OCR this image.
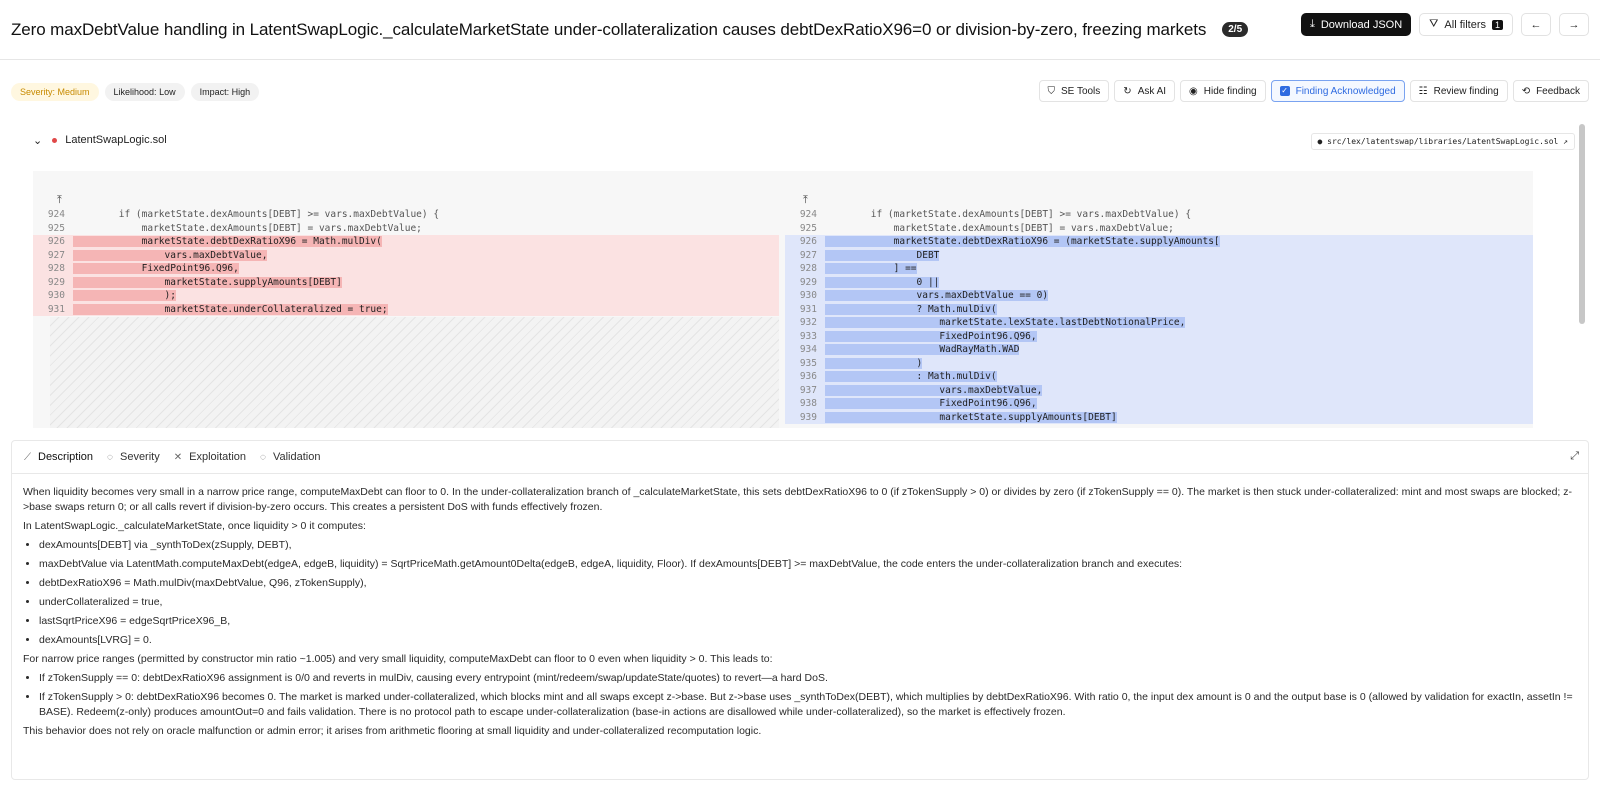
Zero maxDebtValue handling in LatentSwapLogic._calculateMarketState under-collateralization causes debtDexRatioX96=0 or division-by-zero, freezing markets	2/5	⤓ Download JSON ⛛ All filters	1	← →
Severity: Medium	Likelihood: Low	Impact: High	⛉ SE Tools ↻ Ask AI ◉ Hide finding	✓ Finding Acknowledged ☷ Review finding ⟲ Feedback
⌄ LatentSwapLogic.sol	● src/lex/latentswap/libraries/LatentSwapLogic.sol ↗
⤒
924        if (marketState.dexAmounts[DEBT] >= vars.maxDebtValue) {
925            marketState.dexAmounts[DEBT] = vars.maxDebtValue;
926            marketState.debtDexRatioX96 = Math.mulDiv(
927                vars.maxDebtValue,
928            FixedPoint96.Q96,
929                marketState.supplyAmounts[DEBT]
930                );
931                marketState.underCollateralized = true;
⤒
924        if (marketState.dexAmounts[DEBT] >= vars.maxDebtValue) {
925            marketState.dexAmounts[DEBT] = vars.maxDebtValue;
926            marketState.debtDexRatioX96 = (marketState.supplyAmounts[
927                DEBT
928            ] ==
929                0 ||
930                vars.maxDebtValue == 0)
931                ? Math.mulDiv(
932                    marketState.lexState.lastDebtNotionalPrice,
933                    FixedPoint96.Q96,
934                    WadRayMath.WAD
935                )
936                : Math.mulDiv(
937                    vars.maxDebtValue,
938                    FixedPoint96.Q96,
939                    marketState.supplyAmounts[DEBT]
⟋ Description ◌ Severity ✕ Exploitation ◌ Validation	⤢

When liquidity becomes very small in a narrow price range, computeMaxDebt can floor to 0. In the under-collateralization branch of _calculateMarketState, this sets debtDexRatioX96 to 0 (if zTokenSupply > 0) or divides by zero (if zTokenSupply == 0). The market is then stuck under-collateralized: mint and most swaps are blocked; z->base swaps return 0; or all calls revert if division-by-zero occurs. This creates a persistent DoS with funds effectively frozen.

In LatentSwapLogic._calculateMarketState, once liquidity > 0 it computes:

• dexAmounts[DEBT] via _synthToDex(zSupply, DEBT),
• maxDebtValue via LatentMath.computeMaxDebt(edgeA, edgeB, liquidity) = SqrtPriceMath.getAmount0Delta(edgeB, edgeA, liquidity, Floor). If dexAmounts[DEBT] >= maxDebtValue, the code enters the under-collateralization branch and executes:
• debtDexRatioX96 = Math.mulDiv(maxDebtValue, Q96, zTokenSupply),
• underCollateralized = true,
• lastSqrtPriceX96 = edgeSqrtPriceX96_B,
• dexAmounts[LVRG] = 0.

For narrow price ranges (permitted by constructor min ratio ~1.005) and very small liquidity, computeMaxDebt can floor to 0 even when liquidity > 0. This leads to:

• If zTokenSupply == 0: debtDexRatioX96 assignment is 0/0 and reverts in mulDiv, causing every entrypoint (mint/redeem/swap/updateState/quotes) to revert—a hard DoS.
• If zTokenSupply > 0: debtDexRatioX96 becomes 0. The market is marked under-collateralized, which blocks mint and all swaps except z->base. But z->base uses _synthToDex(DEBT), which multiplies by debtDexRatioX96. With ratio 0, the input dex amount is 0 and the output base is 0 (allowed by validation for exactIn, assetIn != BASE). Redeem(z-only) produces amountOut=0 and fails validation. There is no protocol path to escape under-collateralization (base-in actions are disallowed while under-collateralized), so the market is effectively frozen.

This behavior does not rely on oracle malfunction or admin error; it arises from arithmetic flooring at small liquidity and under-collateralized recomputation logic.
